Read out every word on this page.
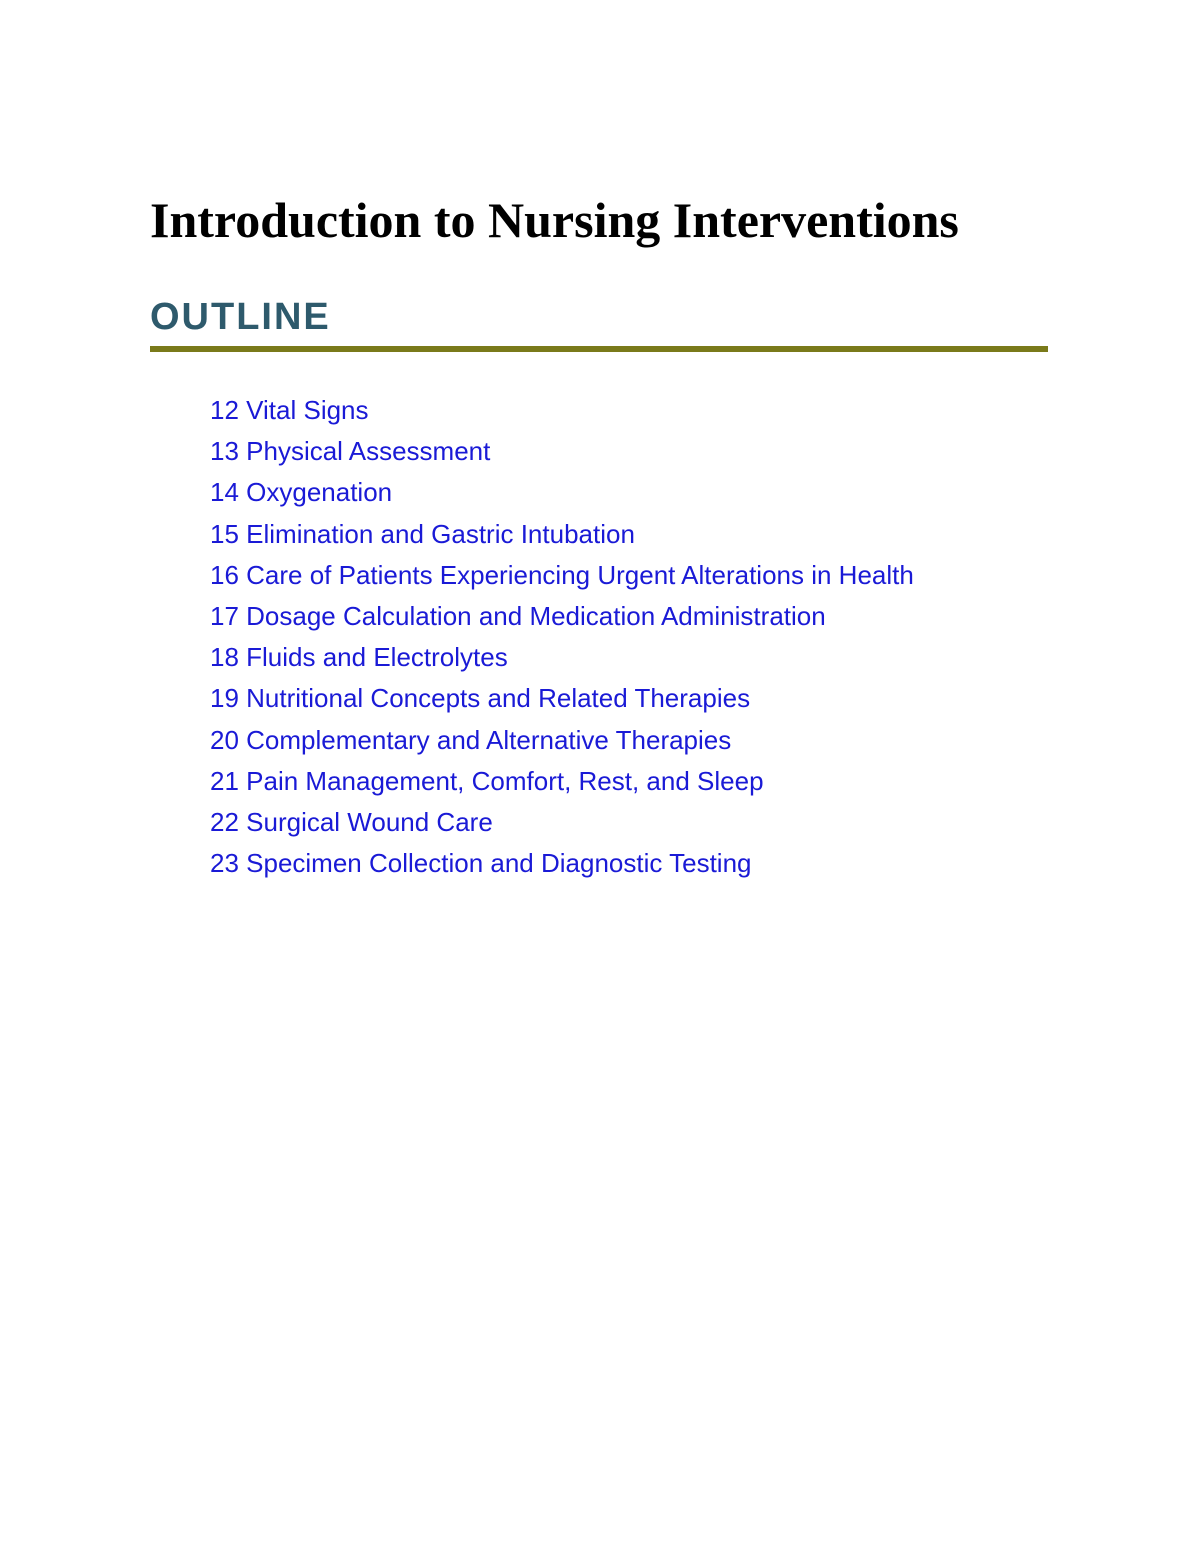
Introduction to Nursing Interventions
OUTLINE
12 Vital Signs
13 Physical Assessment
14 Oxygenation
15 Elimination and Gastric Intubation
16 Care of Patients Experiencing Urgent Alterations in Health
17 Dosage Calculation and Medication Administration
18 Fluids and Electrolytes
19 Nutritional Concepts and Related Therapies
20 Complementary and Alternative Therapies
21 Pain Management, Comfort, Rest, and Sleep
22 Surgical Wound Care
23 Specimen Collection and Diagnostic Testing
